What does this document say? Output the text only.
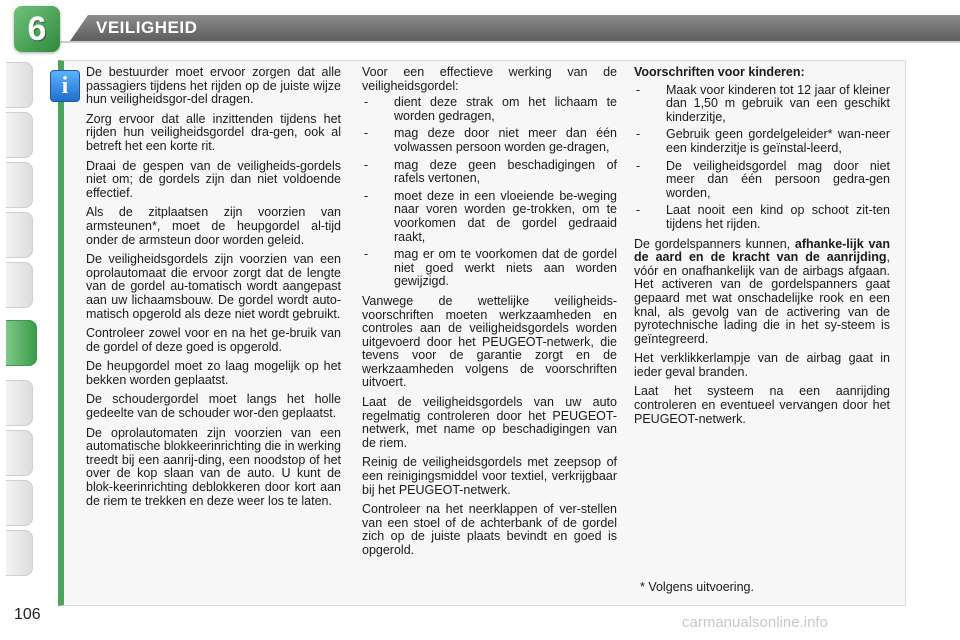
6	VEILIGHEID
i

De bestuurder moet ervoor zorgen dat alle passagiers tijdens het rijden op de juiste wijze hun veiligheidsgor-del dragen.

Zorg ervoor dat alle inzittenden tijdens het rijden hun veiligheidsgordel dra-gen, ook al betreft het een korte rit.

Draai de gespen van de veiligheids-gordels niet om; de gordels zijn dan niet voldoende effectief.

Als de zitplaatsen zijn voorzien van armsteunen*, moet de heupgordel al-tijd onder de armsteun door worden geleid.

De veiligheidsgordels zijn voorzien van een oprolautomaat die ervoor zorgt dat de lengte van de gordel au-tomatisch wordt aangepast aan uw lichaamsbouw. De gordel wordt auto-matisch opgerold als deze niet wordt gebruikt.

Controleer zowel voor en na het ge-bruik van de gordel of deze goed is opgerold.

De heupgordel moet zo laag mogelijk op het bekken worden geplaatst.

De schoudergordel moet langs het holle gedeelte van de schouder wor-den geplaatst.

De oprolautomaten zijn voorzien van een automatische blokkeerinrichting die in werking treedt bij een aanrij-ding, een noodstop of het over de kop slaan van de auto. U kunt de blok-keerinrichting deblokkeren door kort aan de riem te trekken en deze weer los te laten.

Voor een effectieve werking van de veiligheidsgordel:

-	dient deze strak om het lichaam te worden gedragen,
-	mag deze door niet meer dan één volwassen persoon worden ge-dragen,
-	mag deze geen beschadigingen of rafels vertonen,
-	moet deze in een vloeiende be-weging naar voren worden ge-trokken, om te voorkomen dat de gordel gedraaid raakt,
-	mag er om te voorkomen dat de gordel niet goed werkt niets aan worden gewijzigd.

Vanwege de wettelijke veiligheids-voorschriften moeten werkzaamheden en controles aan de veiligheidsgordels worden uitgevoerd door het PEUGEOT-netwerk, die tevens voor de garantie zorgt en de werkzaamheden volgens de voorschriften uitvoert.

Laat de veiligheidsgordels van uw auto regelmatig controleren door het PEUGEOT-netwerk, met name op beschadigingen van de riem.

Reinig de veiligheidsgordels met zeepsop of een reinigingsmiddel voor textiel, verkrijgbaar bij het PEUGEOT-netwerk.

Controleer na het neerklappen of ver-stellen van een stoel of de achterbank of de gordel zich op de juiste plaats bevindt en goed is opgerold.

Voorschriften voor kinderen:

-	Maak voor kinderen tot 12 jaar of kleiner dan 1,50 m gebruik van een geschikt kinderzitje,
-	Gebruik geen gordelgeleider* wan-neer een kinderzitje is geïnstal-leerd,
-	De veiligheidsgordel mag door niet meer dan één persoon gedra-gen worden,
-	Laat nooit een kind op schoot zit-ten tijdens het rijden.

De gordelspanners kunnen, afhanke-lijk van de aard en de kracht van de aanrijding, vóór en onafhankelijk van de airbags afgaan. Het activeren van de gordelspanners gaat gepaard met wat onschadelijke rook en een knal, als gevolg van de activering van de pyrotechnische lading die in het sy-steem is geïntegreerd.

Het verklikkerlampje van de airbag gaat in ieder geval branden.

Laat het systeem na een aanrijding controleren en eventueel vervangen door het PEUGEOT-netwerk.

* Volgens uitvoering.
106	carmanualsonline.info
